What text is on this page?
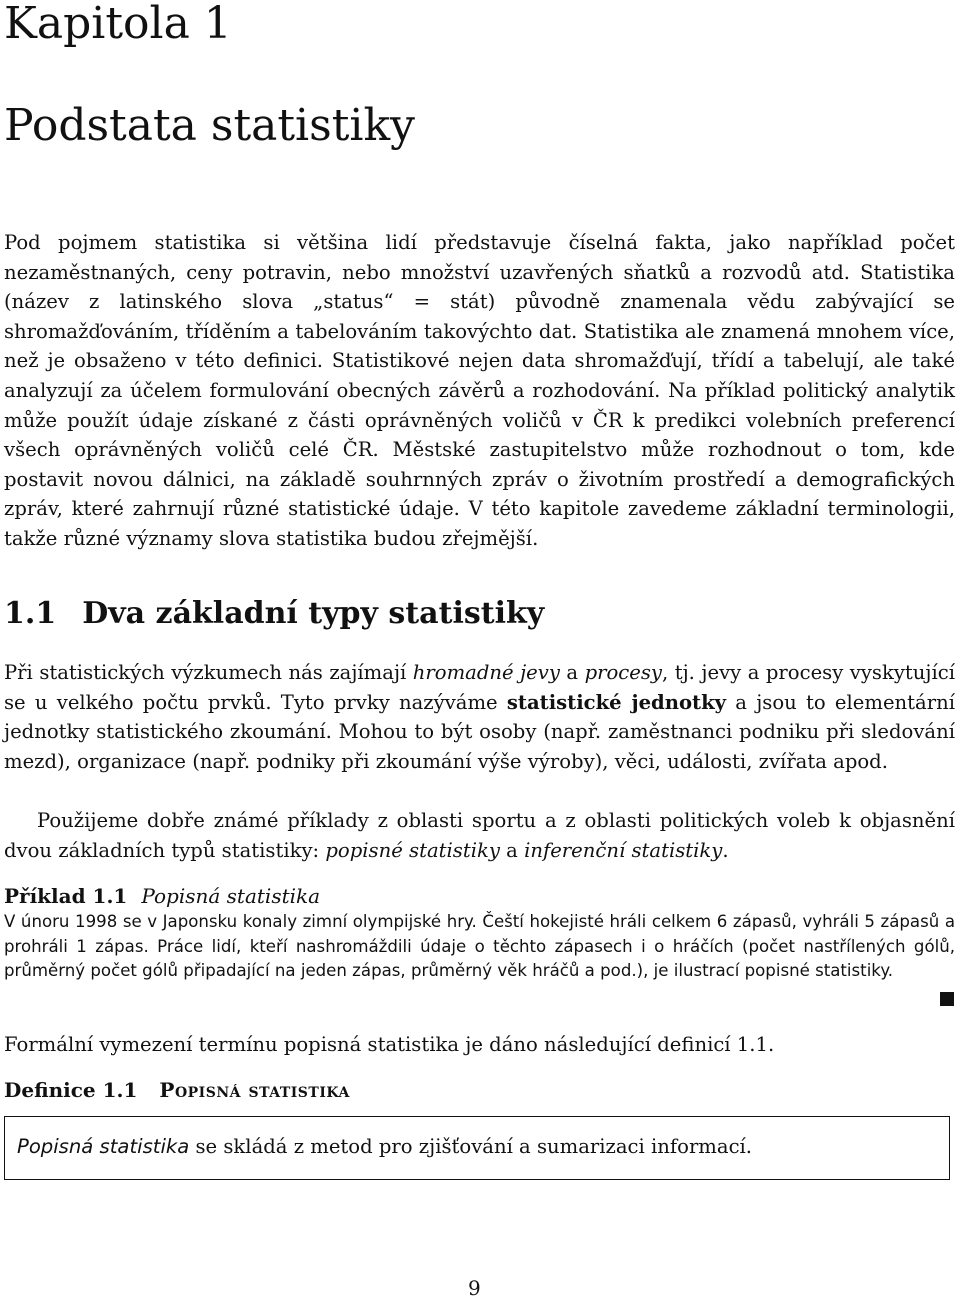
Kapitola 1
Podstata statistiky

Pod pojmem statistika si většina lidí představuje číselná fakta, jako například počet nezaměstnaných, ceny potravin, nebo množství uzavřených sňatků a rozvodů atd. Statistika (název z latinského slova „status“ = stát) původně znamenala vědu zabývající se shromažďováním, tříděním a tabelováním takovýchto dat. Statistika ale znamená mnohem více, než je obsaženo v této definici. Statistikové nejen data shromažďují, třídí a tabelují, ale také analyzují za účelem formulování obecných závěrů a rozhodování. Na příklad politický analytik může použít údaje získané z části oprávněných voličů v ČR k predikci volebních preferencí všech oprávněných voličů celé ČR. Městské zastupitelstvo může rozhodnout o tom, kde postavit novou dálnici, na základě souhrnných zpráv o životním prostředí a demografických zpráv, které zahrnují různé statistické údaje. V této kapitole zavedeme základní terminologii, takže různé významy slova statistika budou zřejmější.

1.1 Dva základní typy statistiky

Při statistických výzkumech nás zajímají hromadné jevy a procesy, tj. jevy a procesy vyskytující se u velkého počtu prvků. Tyto prvky nazýváme statistické jednotky a jsou to elementární jednotky statistického zkoumání. Mohou to být osoby (např. zaměstnanci podniku při sledování mezd), organizace (např. podniky při zkoumání výše výroby), věci, události, zvířata apod.

Použijeme dobře známé příklady z oblasti sportu a z oblasti politických voleb k objasnění dvou základních typů statistiky: popisné statistiky a inferenční statistiky.

Příklad 1.1 Popisná statistika

V únoru 1998 se v Japonsku konaly zimní olympijské hry. Čeští hokejisté hráli celkem 6 zápasů, vyhráli 5 zápasů a prohráli 1 zápas. Práce lidí, kteří nashromáždili údaje o těchto zápasech i o hráčích (počet nastřílených gólů, průměrný počet gólů připadající na jeden zápas, průměrný věk hráčů a pod.), je ilustrací popisné statistiky.

Formální vymezení termínu popisná statistika je dáno následující definicí 1.1.

Definice 1.1 Popisná statistika
Popisná statistika se skládá z metod pro zjišťování a sumarizaci informací.
9
